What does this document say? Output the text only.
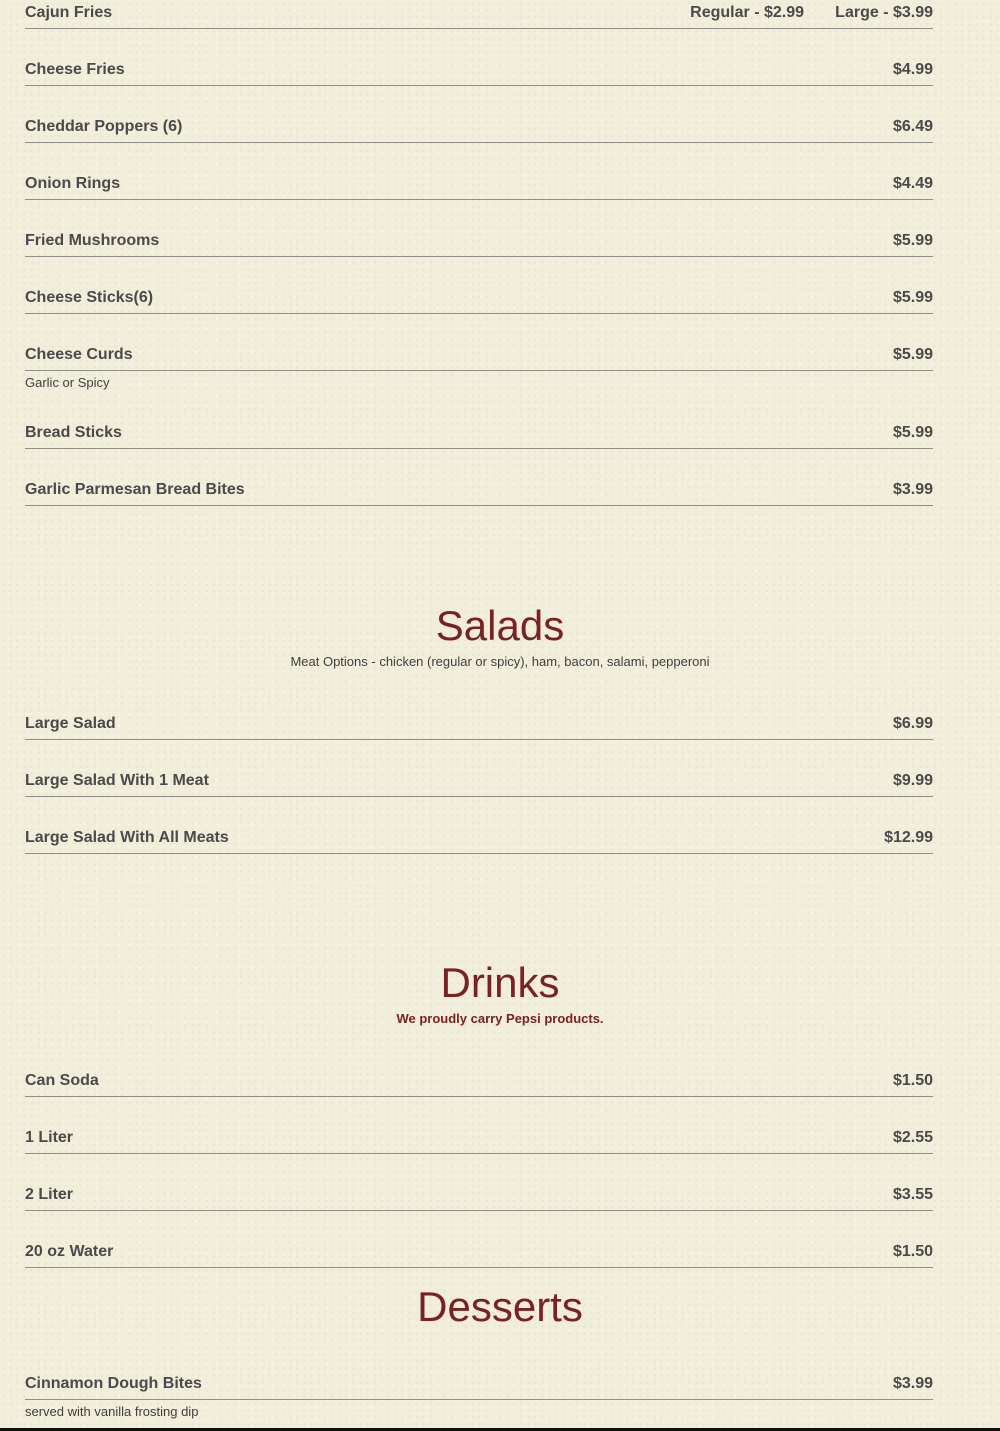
Cajun Fries	Regular - $2.99 Large - $3.99
Cheese Fries	$4.99
Cheddar Poppers (6)	$6.49
Onion Rings	$4.49
Fried Mushrooms	$5.99
Cheese Sticks(6)	$5.99
Cheese Curds	$5.99
Garlic or Spicy
Bread Sticks	$5.99
Garlic Parmesan Bread Bites	$3.99
Salads
Meat Options - chicken (regular or spicy), ham, bacon, salami, pepperoni
Large Salad	$6.99
Large Salad With 1 Meat	$9.99
Large Salad With All Meats	$12.99
Drinks
We proudly carry Pepsi products.
Can Soda	$1.50
1 Liter	$2.55
2 Liter	$3.55
20 oz Water	$1.50
Desserts
Cinnamon Dough Bites	$3.99
served with vanilla frosting dip
